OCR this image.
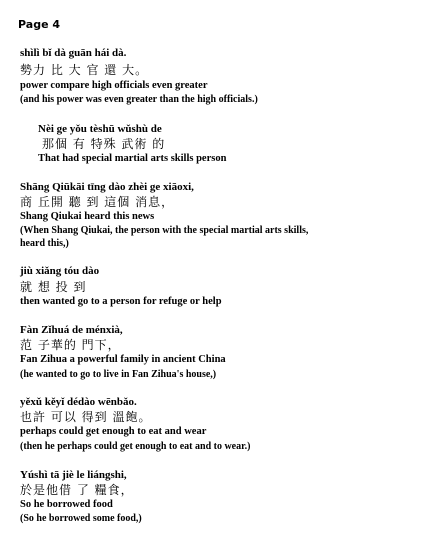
Page 4
shìlì bǐ dà guān hái dà.
勢力 比 大 官 還 大。
power compare high officials even greater
(and his power was even greater than the high officials.)
Nèi ge yǒu tèshū wǔshù de
那個 有 特殊 武術 的
That had special martial arts skills person
Shāng Qiūkāi tīng dào zhèi ge xiāoxi,
商 丘開 聽 到 這個 消息，
Shang Qiukai heard this news
(When Shang Qiukai, the person with the special martial arts skills,
heard this,)
jiù xiǎng tóu dào
就 想 投 到
then wanted go to a person for refuge or help
Fàn Zǐhuá de ménxià,
范 子華的 門下，
Fan Zihua a powerful family in ancient China
(he wanted to go to live in Fan Zihua's house,)
yěxǔ kěyǐ dédào wēnbǎo.
也許 可以 得到 溫飽。
perhaps could get enough to eat and wear
(then he perhaps could get enough to eat and to wear.)
Yúshì tā jiè le liángshi,
於是他借 了 糧食，
So he borrowed food
(So he borrowed some food,)
